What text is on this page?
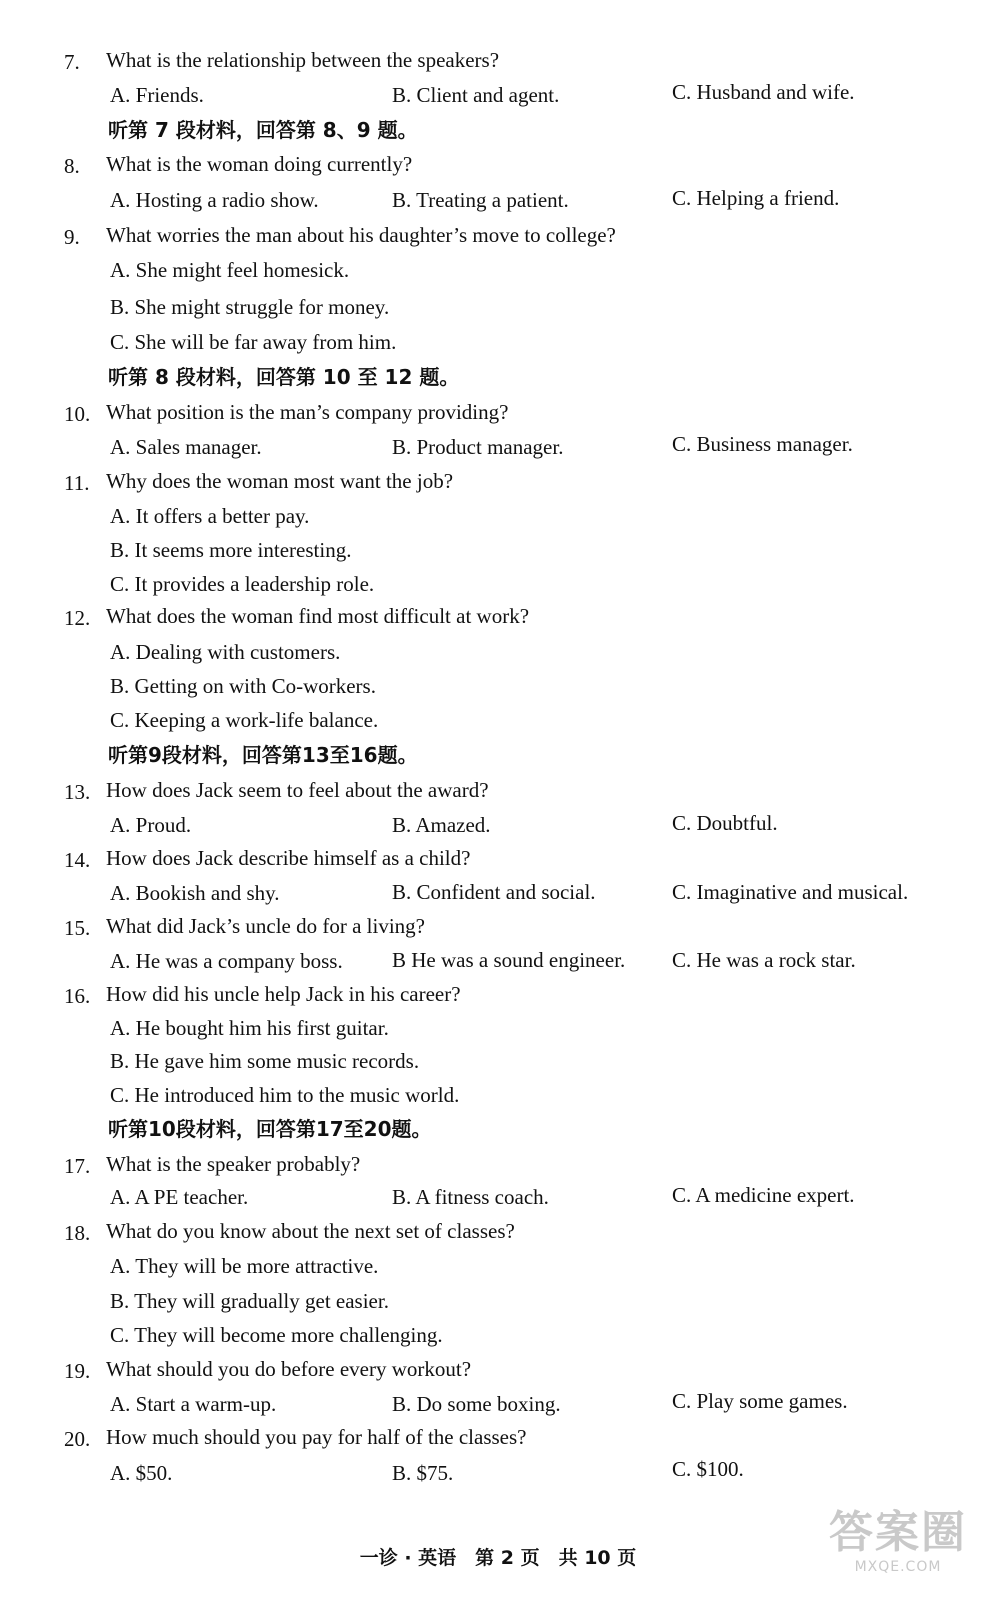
7. What is the relationship between the speakers?
A. Friends.	B. Client and agent.	C. Husband and wife.
听第 7 段材料，回答第 8、9 题。
8. What is the woman doing currently?
A. Hosting a radio show.	B. Treating a patient.	C. Helping a friend.
9. What worries the man about his daughter’s move to college?
A. She might feel homesick.
B. She might struggle for money.
C. She will be far away from him.
听第 8 段材料，回答第 10 至 12 题。
10. What position is the man’s company providing?
A. Sales manager.	B. Product manager.	C. Business manager.
11. Why does the woman most want the job?
A. It offers a better pay.
B. It seems more interesting.
C. It provides a leadership role.
12. What does the woman find most difficult at work?
A. Dealing with customers.
B. Getting on with Co-workers.
C. Keeping a work-life balance.
听第9段材料，回答第13至16题。
13. How does Jack seem to feel about the award?
A. Proud.	B. Amazed.	C. Doubtful.
14. How does Jack describe himself as a child?
A. Bookish and shy.	B. Confident and social.	C. Imaginative and musical.
15. What did Jack’s uncle do for a living?
A. He was a company boss. B He was a sound engineer. C. He was a rock star.
16. How did his uncle help Jack in his career?
A. He bought him his first guitar.
B. He gave him some music records.
C. He introduced him to the music world.
听第10段材料，回答第17至20题。
17. What is the speaker probably?
A. A PE teacher.	B. A fitness coach.	C. A medicine expert.
18. What do you know about the next set of classes?
A. They will be more attractive.
B. They will gradually get easier.
C. They will become more challenging.
19. What should you do before every workout?
A. Start a warm-up.	B. Do some boxing.	C. Play some games.
20. How much should you pay for half of the classes?
A. $50.	B. $75.	C. $100.
一诊 · 英语　第 2 页　共 10 页	答案圈
MXQE.COM
